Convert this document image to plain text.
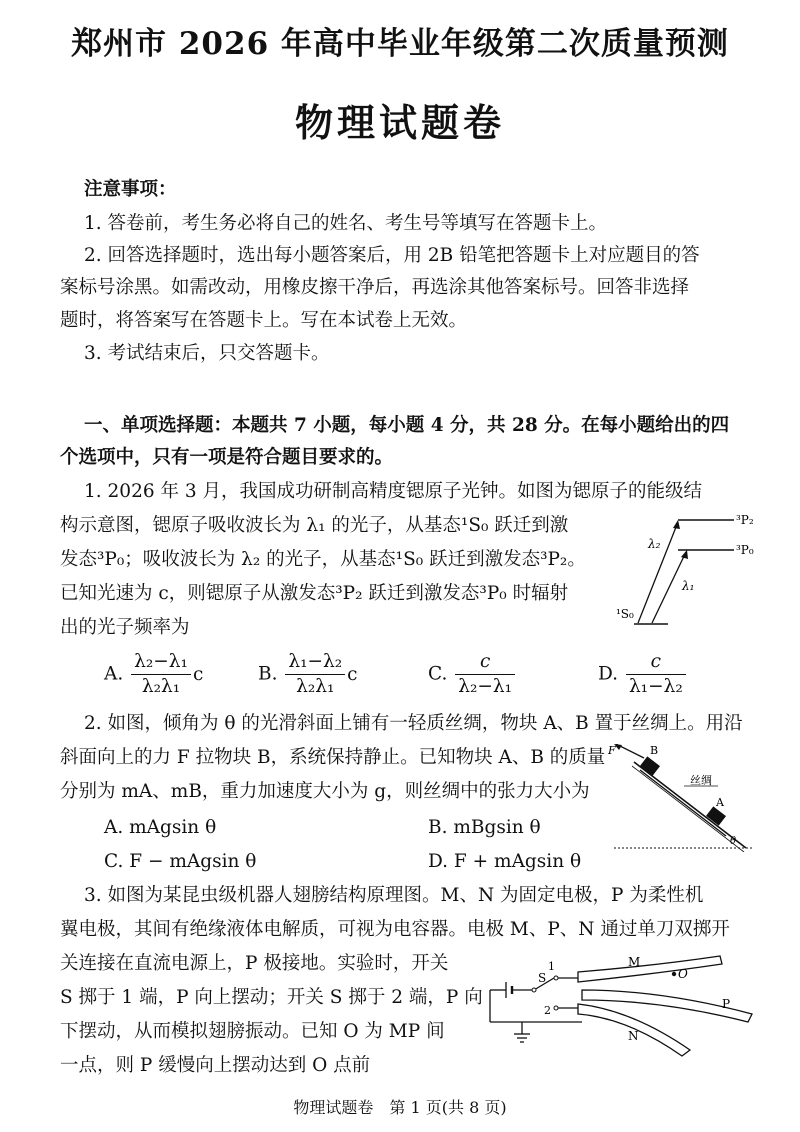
郑州市 2026 年高中毕业年级第二次质量预测
物理试题卷
注意事项：
1. 答卷前，考生务必将自己的姓名、考生号等填写在答题卡上。
2. 回答选择题时，选出每小题答案后，用 2B 铅笔把答题卡上对应题目的答
案标号涂黑。如需改动，用橡皮擦干净后，再选涂其他答案标号。回答非选择
题时，将答案写在答题卡上。写在本试卷上无效。
3. 考试结束后，只交答题卡。
一、单项选择题：本题共 7 小题，每小题 4 分，共 28 分。在每小题给出的四
个选项中，只有一项是符合题目要求的。
1. 2026 年 3 月，我国成功研制高精度锶原子光钟。如图为锶原子的能级结
构示意图，锶原子吸收波长为 λ₁ 的光子，从基态¹S₀ 跃迁到激
发态³P₀；吸收波长为 λ₂ 的光子，从基态¹S₀ 跃迁到激发态³P₂。
已知光速为 c，则锶原子从激发态³P₂ 跃迁到激发态³P₀ 时辐射
出的光子频率为
³P₂
³P₀
¹S₀
λ₂
λ₁
A. $\frac{\text{λ₂−λ₁}}{\text{λ₂λ₁}}$ c	B. $\frac{\text{λ₁−λ₂}}{\text{λ₂λ₁}}$ c	C. $\frac{c}{\text{λ₂−λ₁}}$	D. $\frac{c}{\text{λ₁−λ₂}}$
2. 如图，倾角为 θ 的光滑斜面上铺有一轻质丝绸，物块 A、B 置于丝绸上。用沿
斜面向上的力 F 拉物块 B，系统保持静止。已知物块 A、B 的质量
分别为 mA、mB，重力加速度大小为 g，则丝绸中的张力大小为
A. mAgsin θ	B. mBgsin θ
C. F − mAgsin θ	D. F + mAgsin θ
F	B
A
丝绸
θ
3. 如图为某昆虫级机器人翅膀结构原理图。M、N 为固定电极，P 为柔性机
翼电极，其间有绝缘液体电解质，可视为电容器。电极 M、P、N 通过单刀双掷开
关连接在直流电源上，P 极接地。实验时，开关
S 掷于 1 端，P 向上摆动；开关 S 掷于 2 端，P 向
下摆动，从而模拟翅膀振动。已知 O 为 MP 间
一点，则 P 缓慢向上摆动达到 O 点前
S
1
2
M
O
P
N
物理试题卷　第 1 页(共 8 页)
